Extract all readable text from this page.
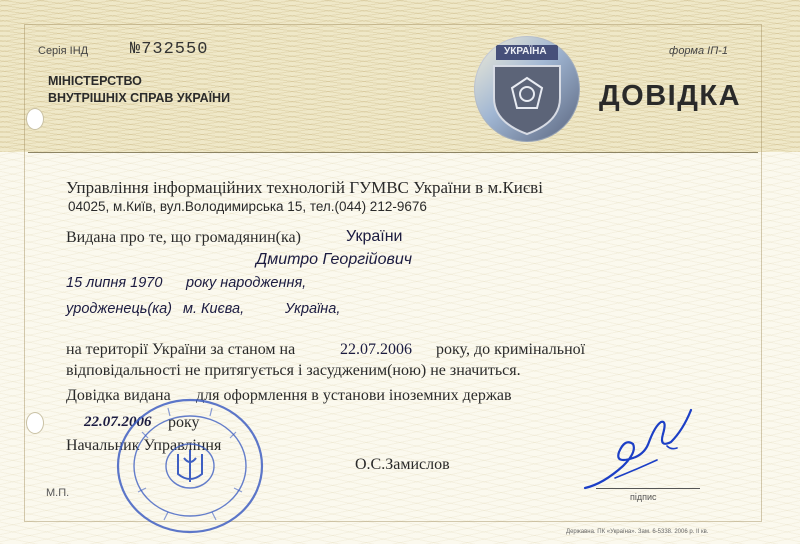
Серія ІНД №732550	форма ІП-1
МІНІСТЕРСТВО
ВНУТРІШНІХ СПРАВ УКРАЇНИ
УКРАЇНА
ДОВІДКА
Управління інформаційних технологій ГУМВС України в м.Києві
04025, м.Київ, вул.Володимирська 15, тел.(044) 212-9676
Видана про те, що громадянин(ка)	України
Дмитро Георгійович
15 липня 1970 року народження,
уродженець(ка) м. Києва,	Україна,
на території України за станом на	22.07.2006 року, до кримінальної
відповідальності не притягується і засудженим(ною) не значиться.
Довідка видана для оформлення в установи іноземних держав
22.07.2006 року
Начальник Управління
О.С.Замислов
М.П.	підпис
Державна. ПК «Україна». Зам. 6-5338. 2006 р. ІІ кв.
